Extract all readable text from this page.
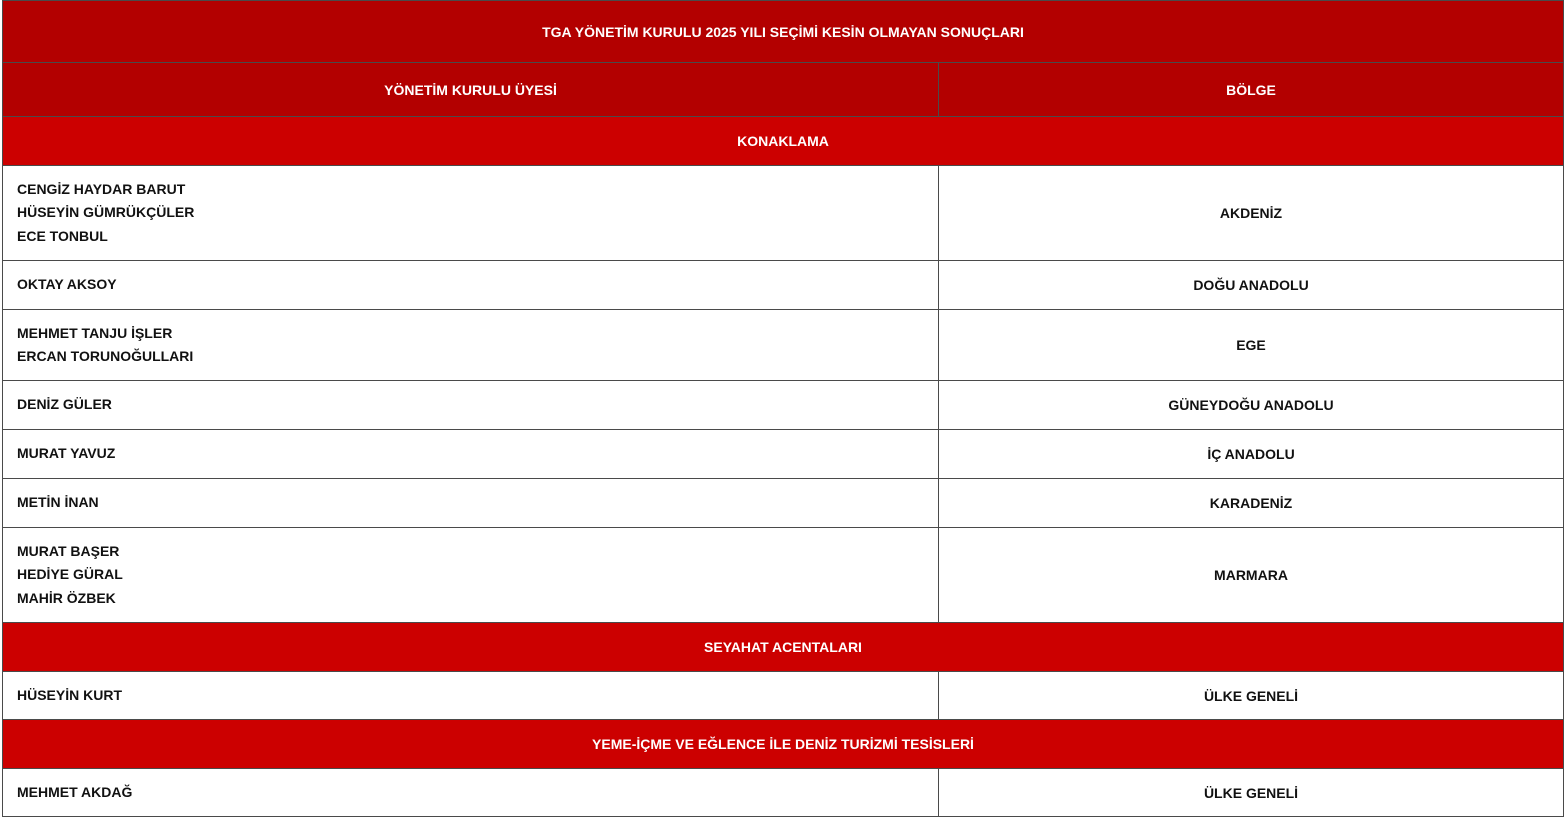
TGA YÖNETİM KURULU 2025 YILI SEÇİMİ KESİN OLMAYAN SONUÇLARI	
YÖNETİM KURULU ÜYESİ	BÖLGE
KONAKLAMA	

CENGİZ HAYDAR BARUT
HÜSEYİN GÜMRÜKÇÜLER
ECE TONBUL	AKDENİZ

OKTAY AKSOY	DOĞU ANADOLU

MEHMET TANJU İŞLER
ERCAN TORUNOĞULLARI	EGE

DENİZ GÜLER	GÜNEYDOĞU ANADOLU

MURAT YAVUZ	İÇ ANADOLU

METİN İNAN	KARADENİZ

MURAT BAŞER
HEDİYE GÜRAL
MAHİR ÖZBEK	MARMARA
SEYAHAT ACENTALARI	

HÜSEYİN KURT	ÜLKE GENELİ
YEME-İÇME VE EĞLENCE İLE DENİZ TURİZMİ TESİSLERİ	

MEHMET AKDAĞ	ÜLKE GENELİ
